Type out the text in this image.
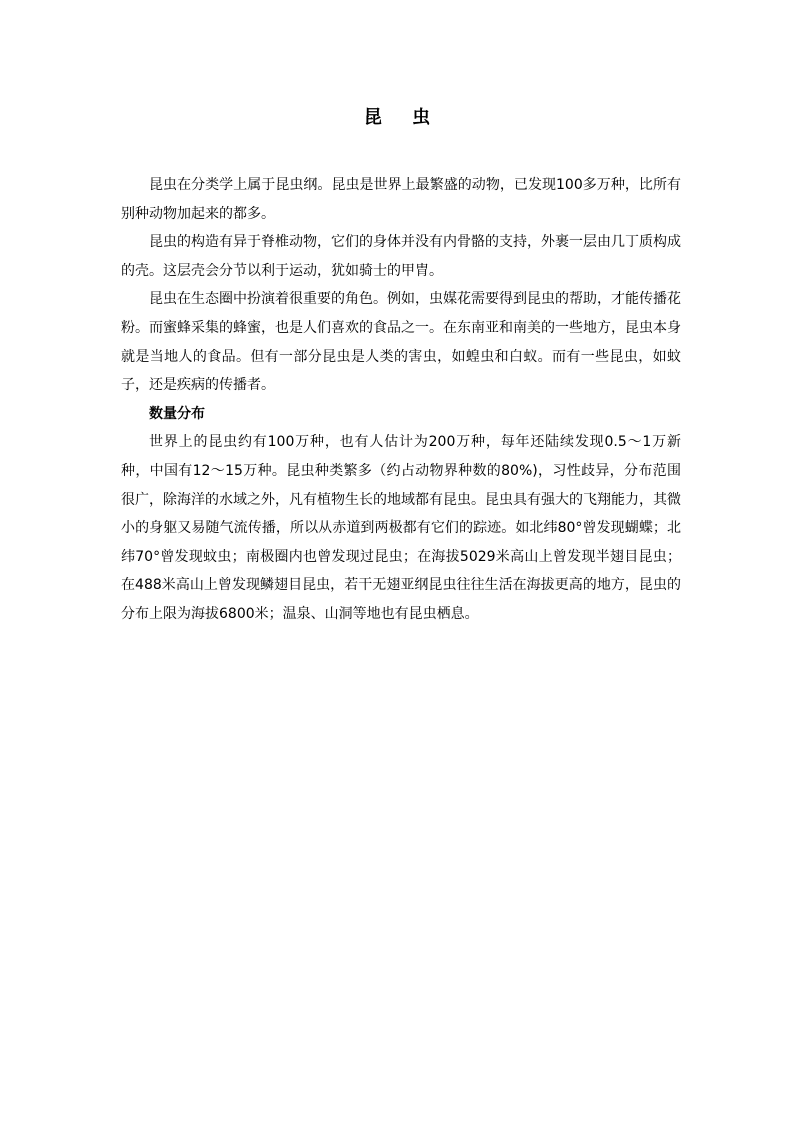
昆 虫

昆虫在分类学上属于昆虫纲。昆虫是世界上最繁盛的动物，已发现100多万种，比所有别种动物加起来的都多。

昆虫的构造有异于脊椎动物，它们的身体并没有内骨骼的支持，外裹一层由几丁质构成的壳。这层壳会分节以利于运动，犹如骑士的甲胄。

昆虫在生态圈中扮演着很重要的角色。例如，虫媒花需要得到昆虫的帮助，才能传播花粉。而蜜蜂采集的蜂蜜，也是人们喜欢的食品之一。在东南亚和南美的一些地方，昆虫本身就是当地人的食品。但有一部分昆虫是人类的害虫，如蝗虫和白蚁。而有一些昆虫，如蚊子，还是疾病的传播者。

数量分布

世界上的昆虫约有100万种，也有人估计为200万种，每年还陆续发现0.5～1万新种，中国有12～15万种。昆虫种类繁多（约占动物界种数的80%)，习性歧异，分布范围很广，除海洋的水域之外，凡有植物生长的地域都有昆虫。昆虫具有强大的飞翔能力，其微小的身躯又易随气流传播，所以从赤道到两极都有它们的踪迹。如北纬80°曾发现蝴蝶；北纬70°曾发现蚊虫；南极圈内也曾发现过昆虫；在海拔5029米高山上曾发现半翅目昆虫；在488米高山上曾发现鳞翅目昆虫，若干无翅亚纲昆虫往往生活在海拔更高的地方，昆虫的分布上限为海拔6800米；温泉、山洞等地也有昆虫栖息。
